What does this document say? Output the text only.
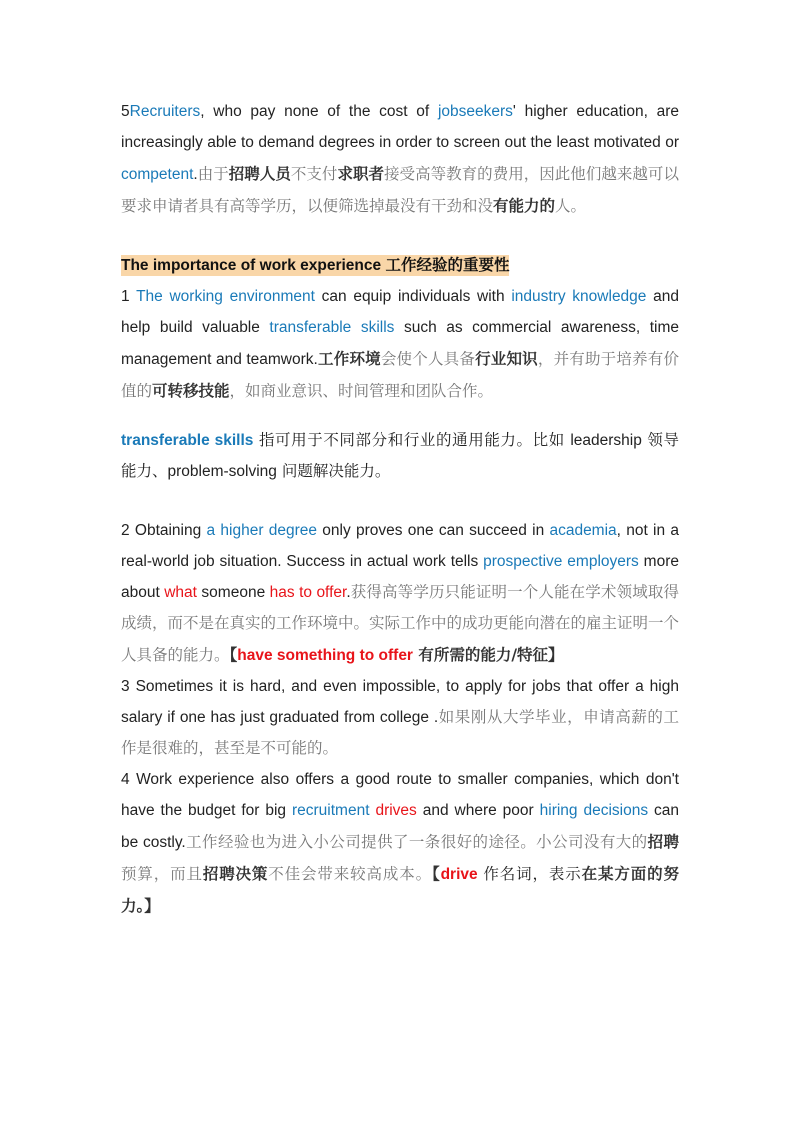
5Recruiters, who pay none of the cost of jobseekers' higher education, are increasingly able to demand degrees in order to screen out the least motivated or competent.由于招聘人员不支付求职者接受高等教育的费用，因此他们越来越可以要求申请者具有高等学历，以便筛选掉最没有干劲和没有能力的人。

The importance of work experience 工作经验的重要性

1 The working environment can equip individuals with industry knowledge and help build valuable transferable skills such as commercial awareness, time management and teamwork.工作环境会使个人具备行业知识，并有助于培养有价值的可转移技能，如商业意识、时间管理和团队合作。

transferable skills 指可用于不同部分和行业的通用能力。比如 leadership 领导能力、problem-solving 问题解决能力。

2 Obtaining a higher degree only proves one can succeed in academia, not in a real-world job situation. Success in actual work tells prospective employers more about what someone has to offer.获得高等学历只能证明一个人能在学术领域取得成绩，而不是在真实的工作环境中。实际工作中的成功更能向潜在的雇主证明一个人具备的能力。【have something to offer 有所需的能力/特征】

3 Sometimes it is hard, and even impossible, to apply for jobs that offer a high salary if one has just graduated from college .如果刚从大学毕业，申请高薪的工作是很难的，甚至是不可能的。

4 Work experience also offers a good route to smaller companies, which don't have the budget for big recruitment drives and where poor hiring decisions can be costly.工作经验也为进入小公司提供了一条很好的途径。小公司没有大的招聘预算，而且招聘决策不佳会带来较高成本。【drive 作名词，表示在某方面的努力。】
